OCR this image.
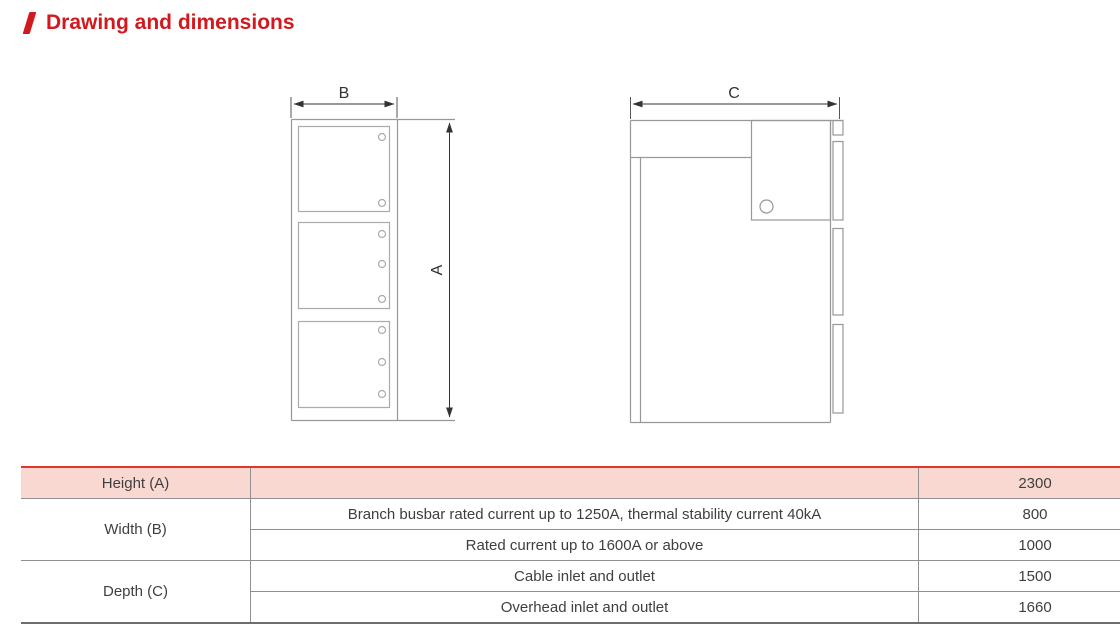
Drawing and dimensions
B
A
C
Height (A)		2300
Width (B)	Branch busbar rated current up to 1250A, thermal stability current 40kA	800
	Rated current up to 1600A or above	1000
Depth (C)	Cable inlet and outlet	1500
	Overhead inlet and outlet	1660
